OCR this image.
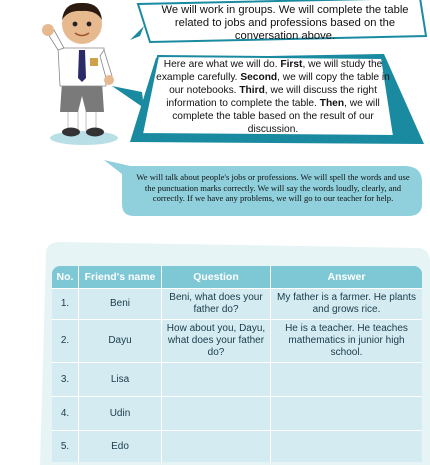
We will work in groups. We will complete the table related to jobs and professions based on the conversation above.
Here are what we will do. First, we will study the example carefully. Second, we will copy the table in our notebooks. Third, we will discuss the right information to complete the table. Then, we will complete the table based on the result of our discussion.
We will talk about people's jobs or professions. We will spell the words and use the punctuation marks correctly. We will say the words loudly, clearly, and correctly. If we have any problems, we will go to our teacher for help.
No.	Friend's name	Question	Answer
1.	Beni	Beni, what does your father do?	My father is a farmer. He plants and grows rice.
2.	Dayu	How about you, Dayu, what does your father do?	He is a teacher. He teaches mathematics in junior high school.
3.	Lisa		
4.	Udin		
5.	Edo		
